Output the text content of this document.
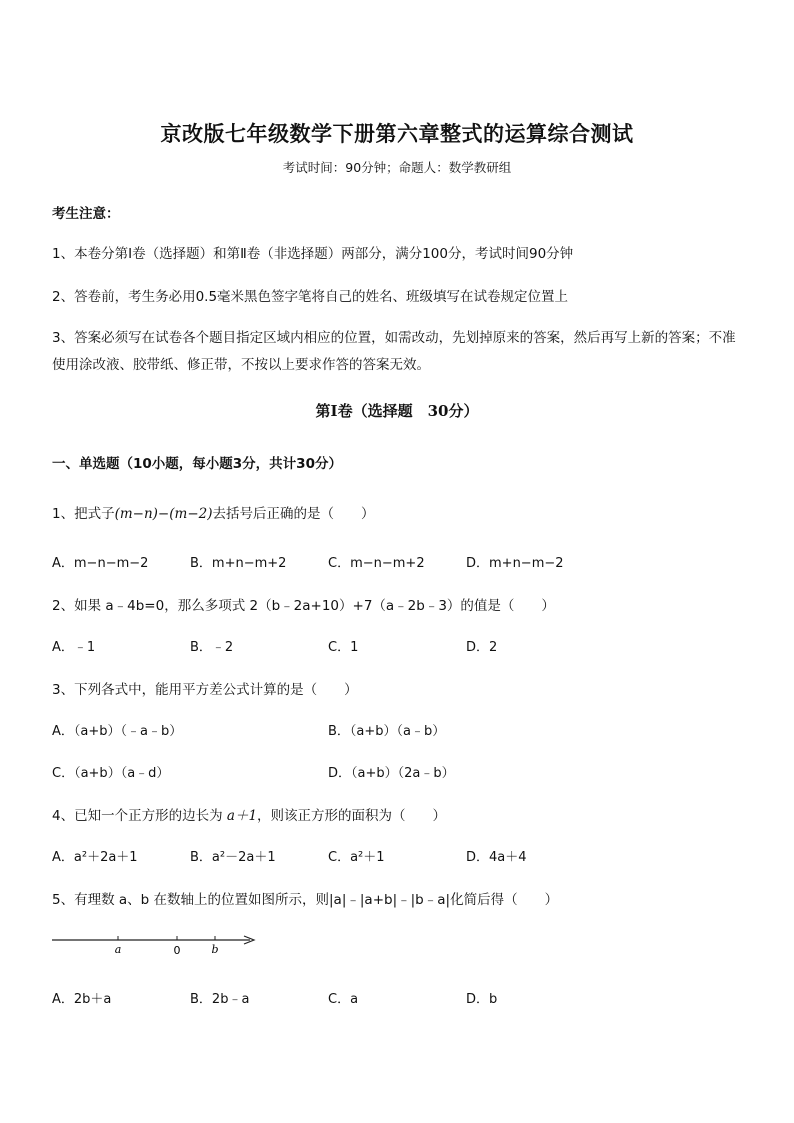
京改版七年级数学下册第六章整式的运算综合测试
考试时间：90分钟；命题人：数学教研组
考生注意：
1、本卷分第Ⅰ卷（选择题）和第Ⅱ卷（非选择题）两部分，满分100分，考试时间90分钟
2、答卷前，考生务必用0.5毫米黑色签字笔将自己的姓名、班级填写在试卷规定位置上
3、答案必须写在试卷各个题目指定区域内相应的位置，如需改动，先划掉原来的答案，然后再写上新的答案；不准使用涂改液、胶带纸、修正带，不按以上要求作答的答案无效。
第Ⅰ卷（选择题　30分）
一、单选题（10小题，每小题3分，共计30分）
1、把式子(m−n)−(m−2)去括号后正确的是（　　）
A．m−n−m−2	B．m+n−m+2	C．m−n−m+2	D．m+n−m−2
2、如果 a﹣4b=0，那么多项式 2（b﹣2a+10）+7（a﹣2b﹣3）的值是（　　）
A．﹣1	B．﹣2	C．1	D．2
3、下列各式中，能用平方差公式计算的是（　　）
A．（a+b）（﹣a﹣b）	B．（a+b）（a﹣b）
C．（a+b）（a﹣d）	D．（a+b）（2a﹣b）
4、已知一个正方形的边长为 a＋1，则该正方形的面积为（　　）
A．a²＋2a＋1	B．a²－2a＋1	C．a²＋1	D．4a＋4
5、有理数 a、b 在数轴上的位置如图所示，则|a|﹣|a+b|﹣|b﹣a|化简后得（　　）
a	0	b
A．2b＋a	B．2b﹣a	C．a	D．b
